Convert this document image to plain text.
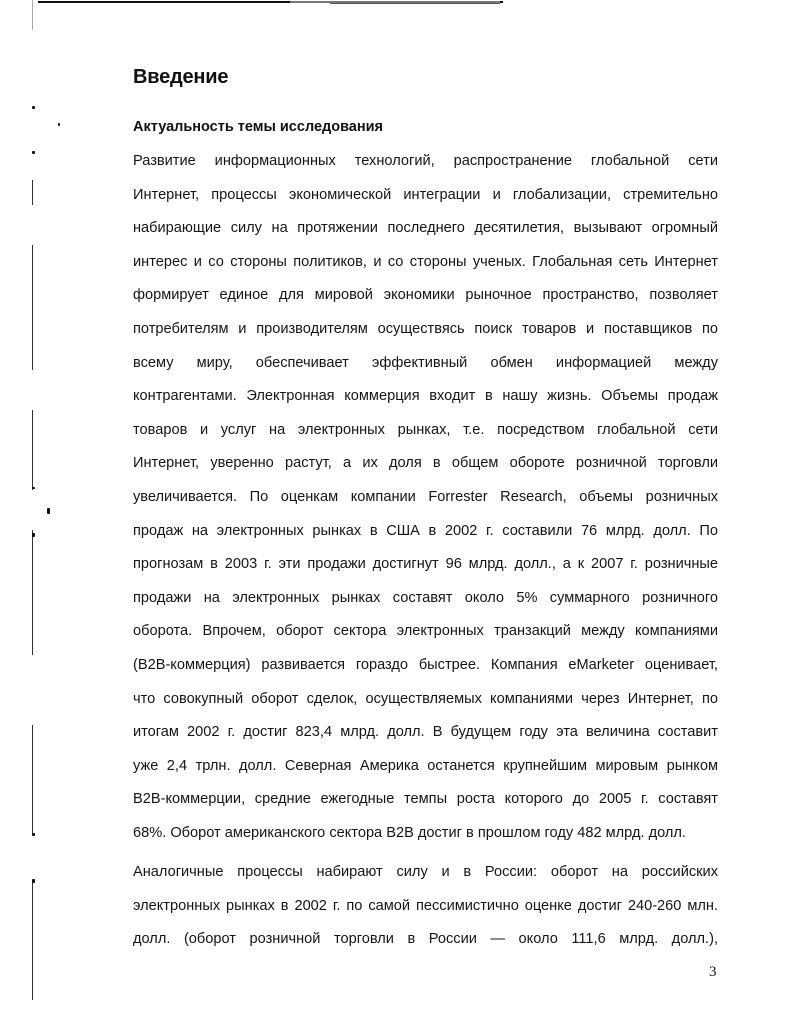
Введение
Актуальность темы исследования
Развитие информационных технологий, распространение глобальной сети
Интернет, процессы экономической интеграции и глобализации, стремительно
набирающие силу на протяжении последнего десятилетия, вызывают огромный
интерес и со стороны политиков, и со стороны ученых. Глобальная сеть Интернет
формирует единое для мировой экономики рыночное пространство, позволяет
потребителям и производителям осуществясь поиск товаров и поставщиков по
всему миру, обеспечивает эффективный обмен информацией между
контрагентами. Электронная коммерция входит в нашу жизнь. Объемы продаж
товаров и услуг на электронных рынках, т.е. посредством глобальной сети
Интернет, уверенно растут, а их доля в общем обороте розничной торговли
увеличивается. По оценкам компании Forrester Research, объемы розничных
продаж на электронных рынках в США в 2002 г. составили 76 млрд. долл. По
прогнозам в 2003 г. эти продажи достигнут 96 млрд. долл., а к 2007 г. розничные
продажи на электронных рынках составят около 5% суммарного розничного
оборота. Впрочем, оборот сектора электронных транзакций между компаниями
(В2В-коммерция) развивается гораздо быстрее. Компания eMarketer оценивает,
что совокупный оборот сделок, осуществляемых компаниями через Интернет, по
итогам 2002 г. достиг 823,4 млрд. долл. В будущем году эта величина составит
уже 2,4 трлн. долл. Северная Америка останется крупнейшим мировым рынком
В2В-коммерции, средние ежегодные темпы роста которого до 2005 г. составят
68%. Оборот американского сектора В2В достиг в прошлом году 482 млрд. долл.
Аналогичные процессы набирают силу и в России: оборот на российских
электронных рынках в 2002 г. по самой пессимистично оценке достиг 240-260 млн.
долл. (оборот розничной торговли в России — около 111,6 млрд. долл.),
3
